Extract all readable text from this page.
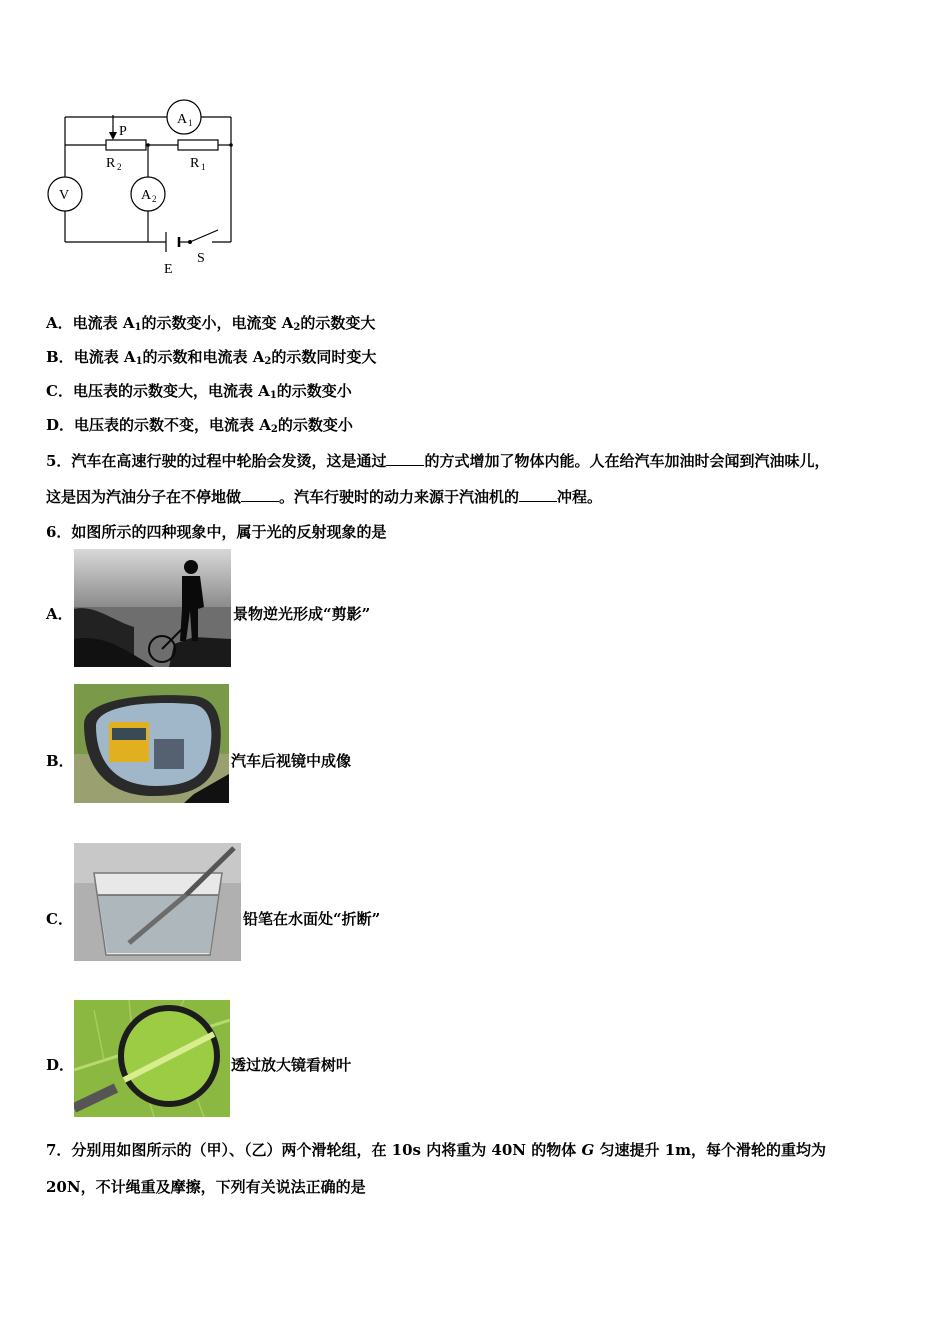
A 1
A 2
V
P
R 2	R 1
E
S
A．电流表 $A_1$的示数变小，电流变 $A_2$的示数变大
B．电流表 $A_1$的示数和电流表 $A_2$的示数同时变大
C．电压表的示数变大，电流表 $A_1$的示数变小
D．电压表的示数不变，电流表 $A_2$的示数变小
5．汽车在高速行驶的过程中轮胎会发烫，这是通过	的方式增加了物体内能。人在给汽车加油时会闻到汽油味儿，
这是因为汽油分子在不停地做	。汽车行驶时的动力来源于汽油机的	冲程。
6．如图所示的四种现象中，属于光的反射现象的是
A．	景物逆光形成“剪影”
B．	汽车后视镜中成像
C．	铅笔在水面处“折断”
D．	透过放大镜看树叶
7．分别用如图所示的（甲）、（乙）两个滑轮组，在 10s 内将重为 40N 的物体 G 匀速提升 1m，每个滑轮的重均为
20N，不计绳重及摩擦，下列有关说法正确的是
